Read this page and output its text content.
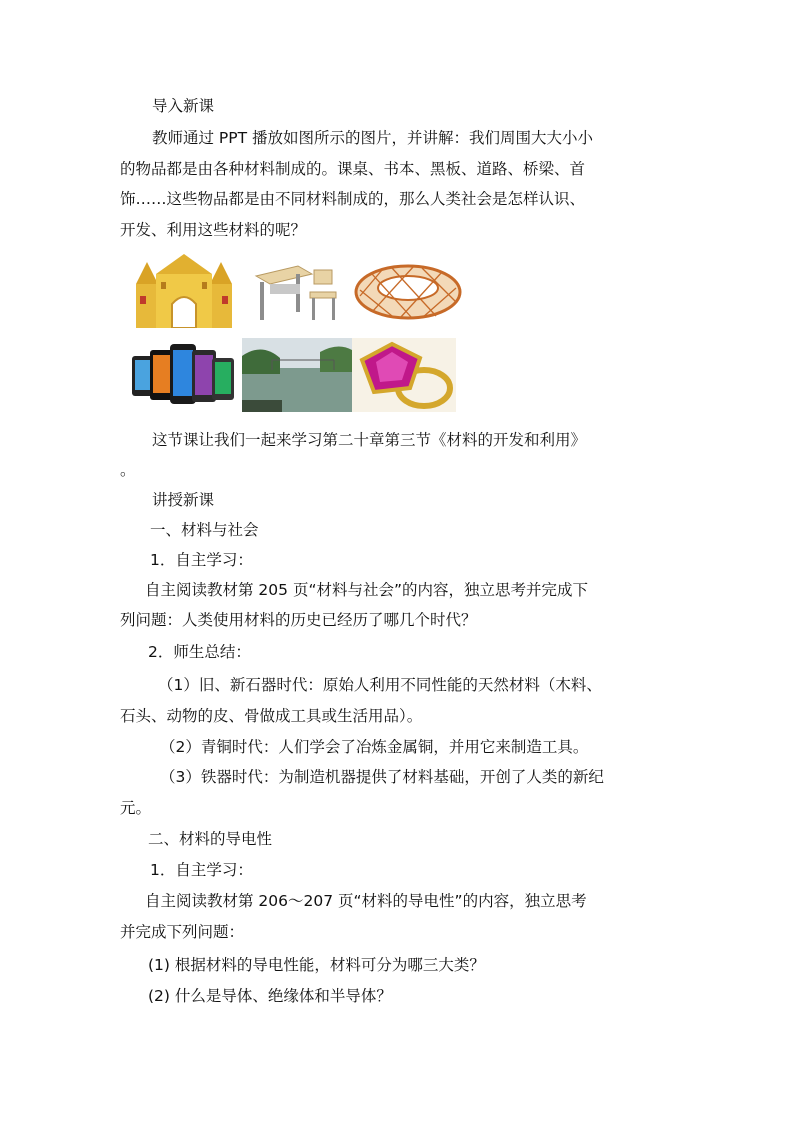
导入新课
教师通过 PPT 播放如图所示的图片，并讲解：我们周围大大小小
的物品都是由各种材料制成的。课桌、书本、黑板、道路、桥梁、首
饰……这些物品都是由不同材料制成的，那么人类社会是怎样认识、
开发、利用这些材料的呢？
这节课让我们一起来学习第二十章第三节《材料的开发和利用》
。
讲授新课
一、材料与社会
1．自主学习：
自主阅读教材第 205 页“材料与社会”的内容，独立思考并完成下
列问题：人类使用材料的历史已经历了哪几个时代？
2．师生总结：
（1）旧、新石器时代：原始人利用不同性能的天然材料（木料、
石头、动物的皮、骨做成工具或生活用品）。
（2）青铜时代：人们学会了冶炼金属铜，并用它来制造工具。
（3）铁器时代：为制造机器提供了材料基础，开创了人类的新纪
元。
二、材料的导电性
1．自主学习：
自主阅读教材第 206～207 页“材料的导电性”的内容，独立思考
并完成下列问题：
(1) 根据材料的导电性能，材料可分为哪三大类？
(2) 什么是导体、绝缘体和半导体？
